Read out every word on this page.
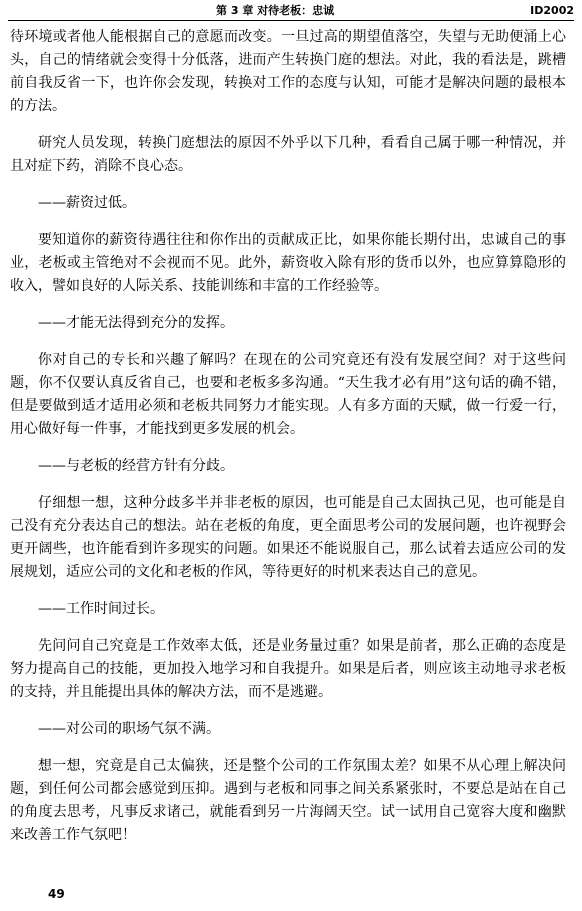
第 3 章 对待老板：忠诚	ID2002

待环境或者他人能根据自己的意愿而改变。一旦过高的期望值落空，失望与无助便涌上心头，自己的情绪就会变得十分低落，进而产生转换门庭的想法。对此，我的看法是，跳槽前自我反省一下，也许你会发现，转换对工作的态度与认知，可能才是解决问题的最根本的方法。

研究人员发现，转换门庭想法的原因不外乎以下几种，看看自己属于哪一种情况，并且对症下药，消除不良心态。

——薪资过低。

要知道你的薪资待遇往往和你作出的贡献成正比，如果你能长期付出，忠诚自己的事业，老板或主管绝对不会视而不见。此外，薪资收入除有形的货币以外，也应算算隐形的收入，譬如良好的人际关系、技能训练和丰富的工作经验等。

——才能无法得到充分的发挥。

你对自己的专长和兴趣了解吗？在现在的公司究竟还有没有发展空间？对于这些问题，你不仅要认真反省自己，也要和老板多多沟通。“天生我才必有用”这句话的确不错，但是要做到适才适用必须和老板共同努力才能实现。人有多方面的天赋，做一行爱一行，用心做好每一件事，才能找到更多发展的机会。

——与老板的经营方针有分歧。

仔细想一想，这种分歧多半并非老板的原因，也可能是自己太固执己见，也可能是自己没有充分表达自己的想法。站在老板的角度，更全面思考公司的发展问题，也许视野会更开阔些，也许能看到许多现实的问题。如果还不能说服自己，那么试着去适应公司的发展规划，适应公司的文化和老板的作风，等待更好的时机来表达自己的意见。

——工作时间过长。

先问问自己究竟是工作效率太低，还是业务量过重？如果是前者，那么正确的态度是努力提高自己的技能，更加投入地学习和自我提升。如果是后者，则应该主动地寻求老板的支持，并且能提出具体的解决方法，而不是逃避。

——对公司的职场气氛不满。

想一想，究竟是自己太偏狭，还是整个公司的工作氛围太差？如果不从心理上解决问题，到任何公司都会感觉到压抑。遇到与老板和同事之间关系紧张时，不要总是站在自己的角度去思考，凡事反求诸己，就能看到另一片海阔天空。试一试用自己宽容大度和幽默来改善工作气氛吧！

49
